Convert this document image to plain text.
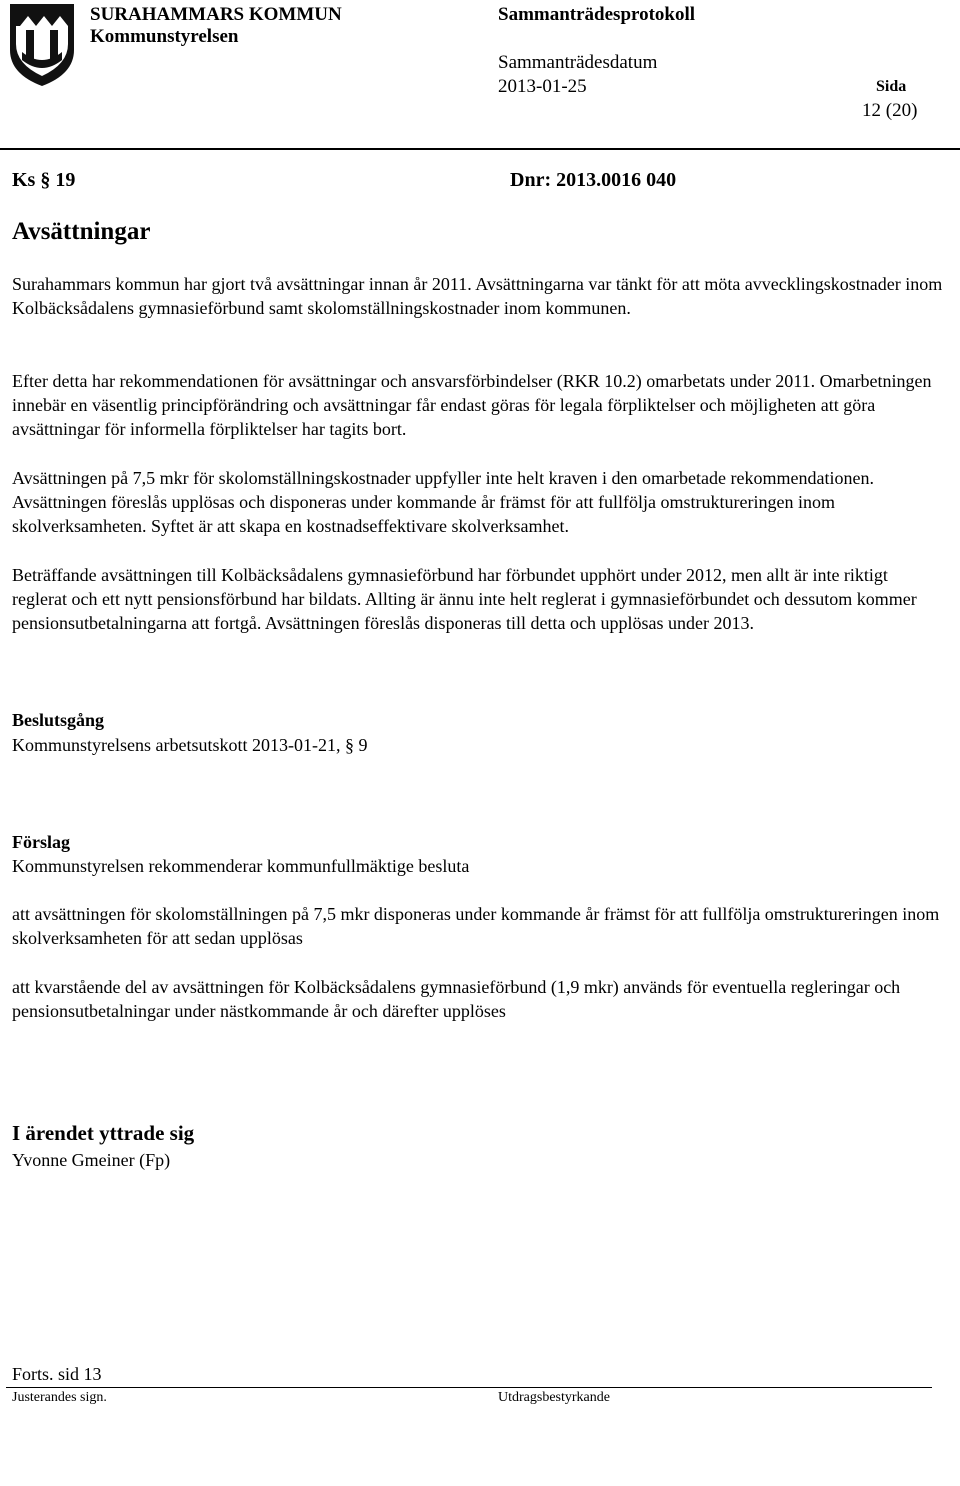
SURAHAMMARS KOMMUN
Kommunstyrelsen
Sammanträdesprotokoll
Sammanträdesdatum
2013-01-25	Sida
12 (20)
Ks § 19	Dnr: 2013.0016 040
Avsättningar
Surahammars kommun har gjort två avsättningar innan år 2011. Avsättningarna var tänkt för att möta avvecklingskostnader inom Kolbäcksådalens gymnasieförbund samt skolomställningskostnader inom kommunen.
Efter detta har rekommendationen för avsättningar och ansvarsförbindelser (RKR 10.2) omarbetats under 2011. Omarbetningen innebär en väsentlig principförändring och avsättningar får endast göras för legala förpliktelser och möjligheten att göra avsättningar för informella förpliktelser har tagits bort.
Avsättningen på 7,5 mkr för skolomställningskostnader uppfyller inte helt kraven i den omarbetade rekommendationen. Avsättningen föreslås upplösas och disponeras under kommande år främst för att fullfölja omstruktureringen inom skolverksamheten. Syftet är att skapa en kostnadseffektivare skolverksamhet.
Beträffande avsättningen till Kolbäcksådalens gymnasieförbund har förbundet upphört under 2012, men allt är inte riktigt reglerat och ett nytt pensionsförbund har bildats. Allting är ännu inte helt reglerat i gymnasieförbundet och dessutom kommer pensionsutbetalningarna att fortgå. Avsättningen föreslås disponeras till detta och upplösas under 2013.
Beslutsgång
Kommunstyrelsens arbetsutskott 2013-01-21, § 9
Förslag
Kommunstyrelsen rekommenderar kommunfullmäktige besluta
att avsättningen för skolomställningen på 7,5 mkr disponeras under kommande år främst för att fullfölja omstruktureringen inom skolverksamheten för att sedan upplösas
att kvarstående del av avsättningen för Kolbäcksådalens gymnasieförbund (1,9 mkr) används för eventuella regleringar och pensionsutbetalningar under nästkommande år och därefter upplöses
I ärendet yttrade sig
Yvonne Gmeiner (Fp)
Forts. sid 13
Justerandes sign.	Utdragsbestyrkande
